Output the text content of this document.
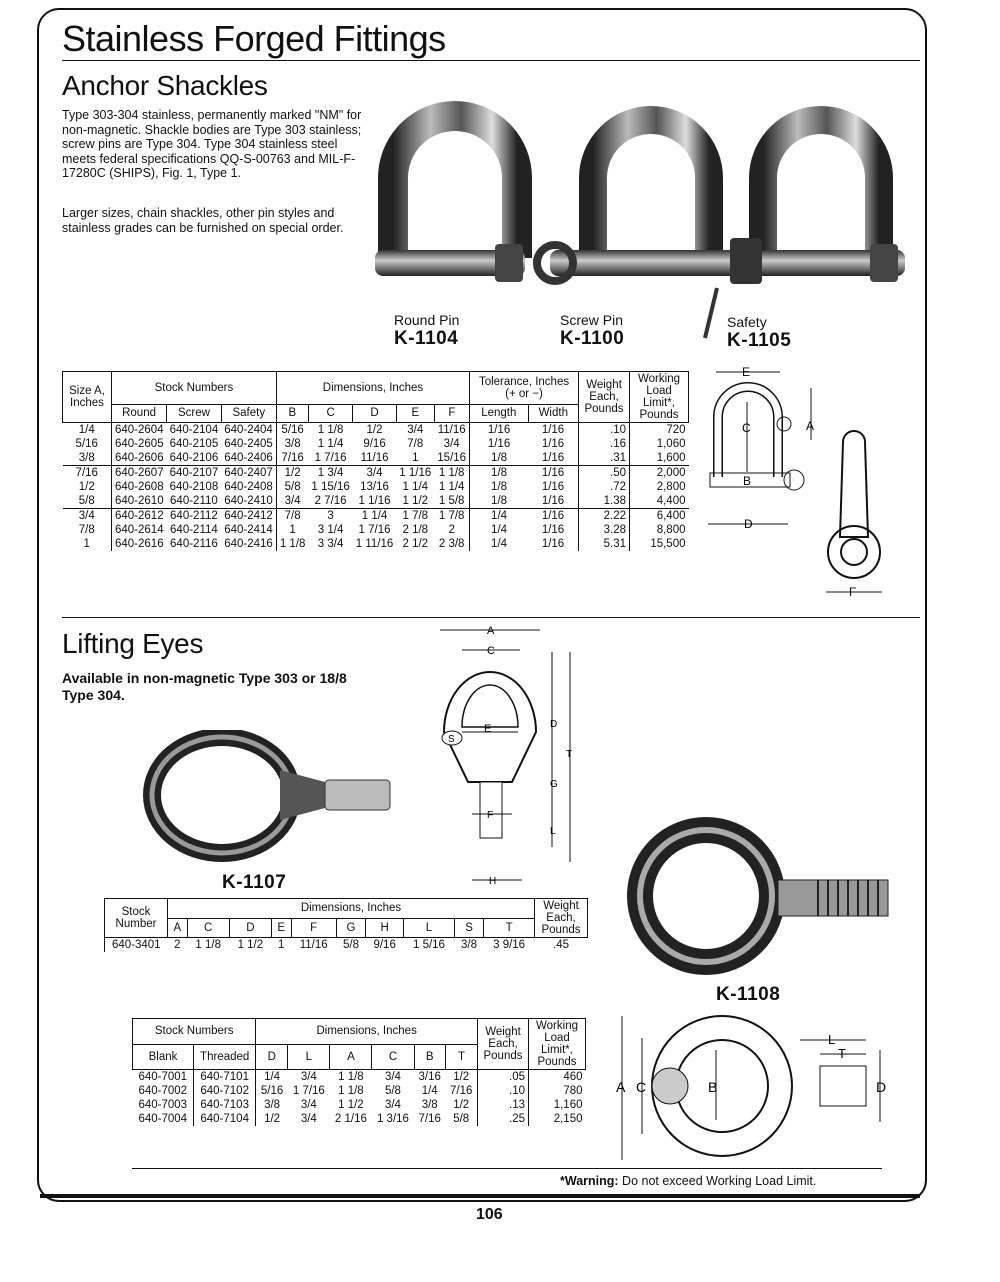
Stainless Forged Fittings
Anchor Shackles

Type 303-304 stainless, permanently marked "NM" for non-magnetic. Shackle bodies are Type 303 stainless; screw pins are Type 304. Type 304 stainless steel meets federal specifications QQ-S-00763 and MIL-F-17280C (SHIPS), Fig. 1, Type 1.

Larger sizes, chain shackles, other pin styles and stainless grades can be furnished on special order.

Round Pin
K-1104
Screw Pin
K-1100
Safety
K-1105
Size A, Inches	Stock Numbers			Dimensions, Inches					Tolerance, Inches (+ or −)		Weight Each, Pounds	Working Load Limit*, Pounds
	Round	Screw	Safety	B	C	D	E	F	Length	Width		
1/4	640-2604	640-2104	640-2404	5/16	1 1/8	1/2	3/4	11/16	1/16	1/16	.10	720
5/16	640-2605	640-2105	640-2405	3/8	1 1/4	9/16	7/8	3/4	1/16	1/16	.16	1,060
3/8	640-2606	640-2106	640-2406	7/16	1 7/16	11/16	1	15/16	1/8	1/16	.31	1,600
7/16	640-2607	640-2107	640-2407	1/2	1 3/4	3/4	1 1/16	1 1/8	1/8	1/16	.50	2,000
1/2	640-2608	640-2108	640-2408	5/8	1 15/16	13/16	1 1/4	1 1/4	1/8	1/16	.72	2,800
5/8	640-2610	640-2110	640-2410	3/4	2 7/16	1 1/16	1 1/2	1 5/8	1/8	1/16	1.38	4,400
3/4	640-2612	640-2112	640-2412	7/8	3	1 1/4	1 7/8	1 7/8	1/4	1/16	2.22	6,400
7/8	640-2614	640-2114	640-2414	1	3 1/4	1 7/16	2 1/8	2	1/4	1/16	3.28	8,800
1	640-2616	640-2116	640-2416	1 1/8	3 3/4	1 11/16	2 1/2	2 3/8	1/4	1/16	5.31	15,500
E
C	A
B
D
F
Lifting Eyes

Available in non-magnetic Type 303 or 18/8 Type 304.

K-1107
A
C
E
S
F
D
T
G
L
H
K-1108
Stock Number	Dimensions, Inches										Weight Each, Pounds
	A	C	D	E	F	G	H	L	S	T	
640-3401	2	1 1/8	1 1/2	1	11/16	5/8	9/16	1 5/16	3/8	3 9/16	.45
Stock Numbers		Dimensions, Inches						Weight Each, Pounds	Working Load Limit*, Pounds
Blank	Threaded	D	L	A	C	B	T		
640-7001	640-7101	1/4	3/4	1 1/8	3/4	3/16	1/2	.05	460
640-7002	640-7102	5/16	1 7/16	1 1/8	5/8	1/4	7/16	.10	780
640-7003	640-7103	3/8	3/4	1 1/2	3/4	3/8	1/2	.13	1,160
640-7004	640-7104	1/2	3/4	2 1/16	1 3/16	7/16	5/8	.25	2,150
A C	B
L
T
D
*Warning: Do not exceed Working Load Limit.
106
